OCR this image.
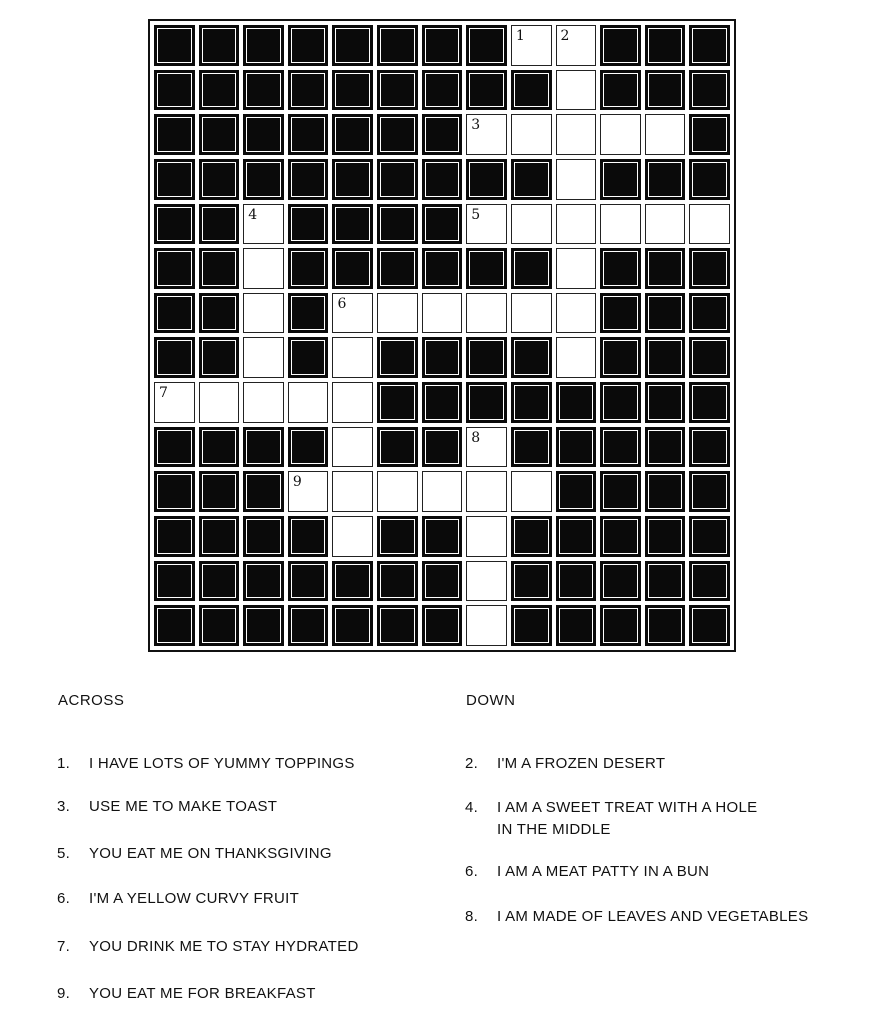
1	2
3
4	5
6
7
8
9
ACROSS	DOWN
1. I HAVE LOTS OF YUMMY TOPPINGS
3. USE ME TO MAKE TOAST
5. YOU EAT ME ON THANKSGIVING
6. I'M A YELLOW CURVY FRUIT
7. YOU DRINK ME TO STAY HYDRATED
9. YOU EAT ME FOR BREAKFAST
2. I'M A FROZEN DESERT
4. I AM A SWEET TREAT WITH A HOLE
IN THE MIDDLE
6. I AM A MEAT PATTY IN A BUN
8. I AM MADE OF LEAVES AND VEGETABLES
